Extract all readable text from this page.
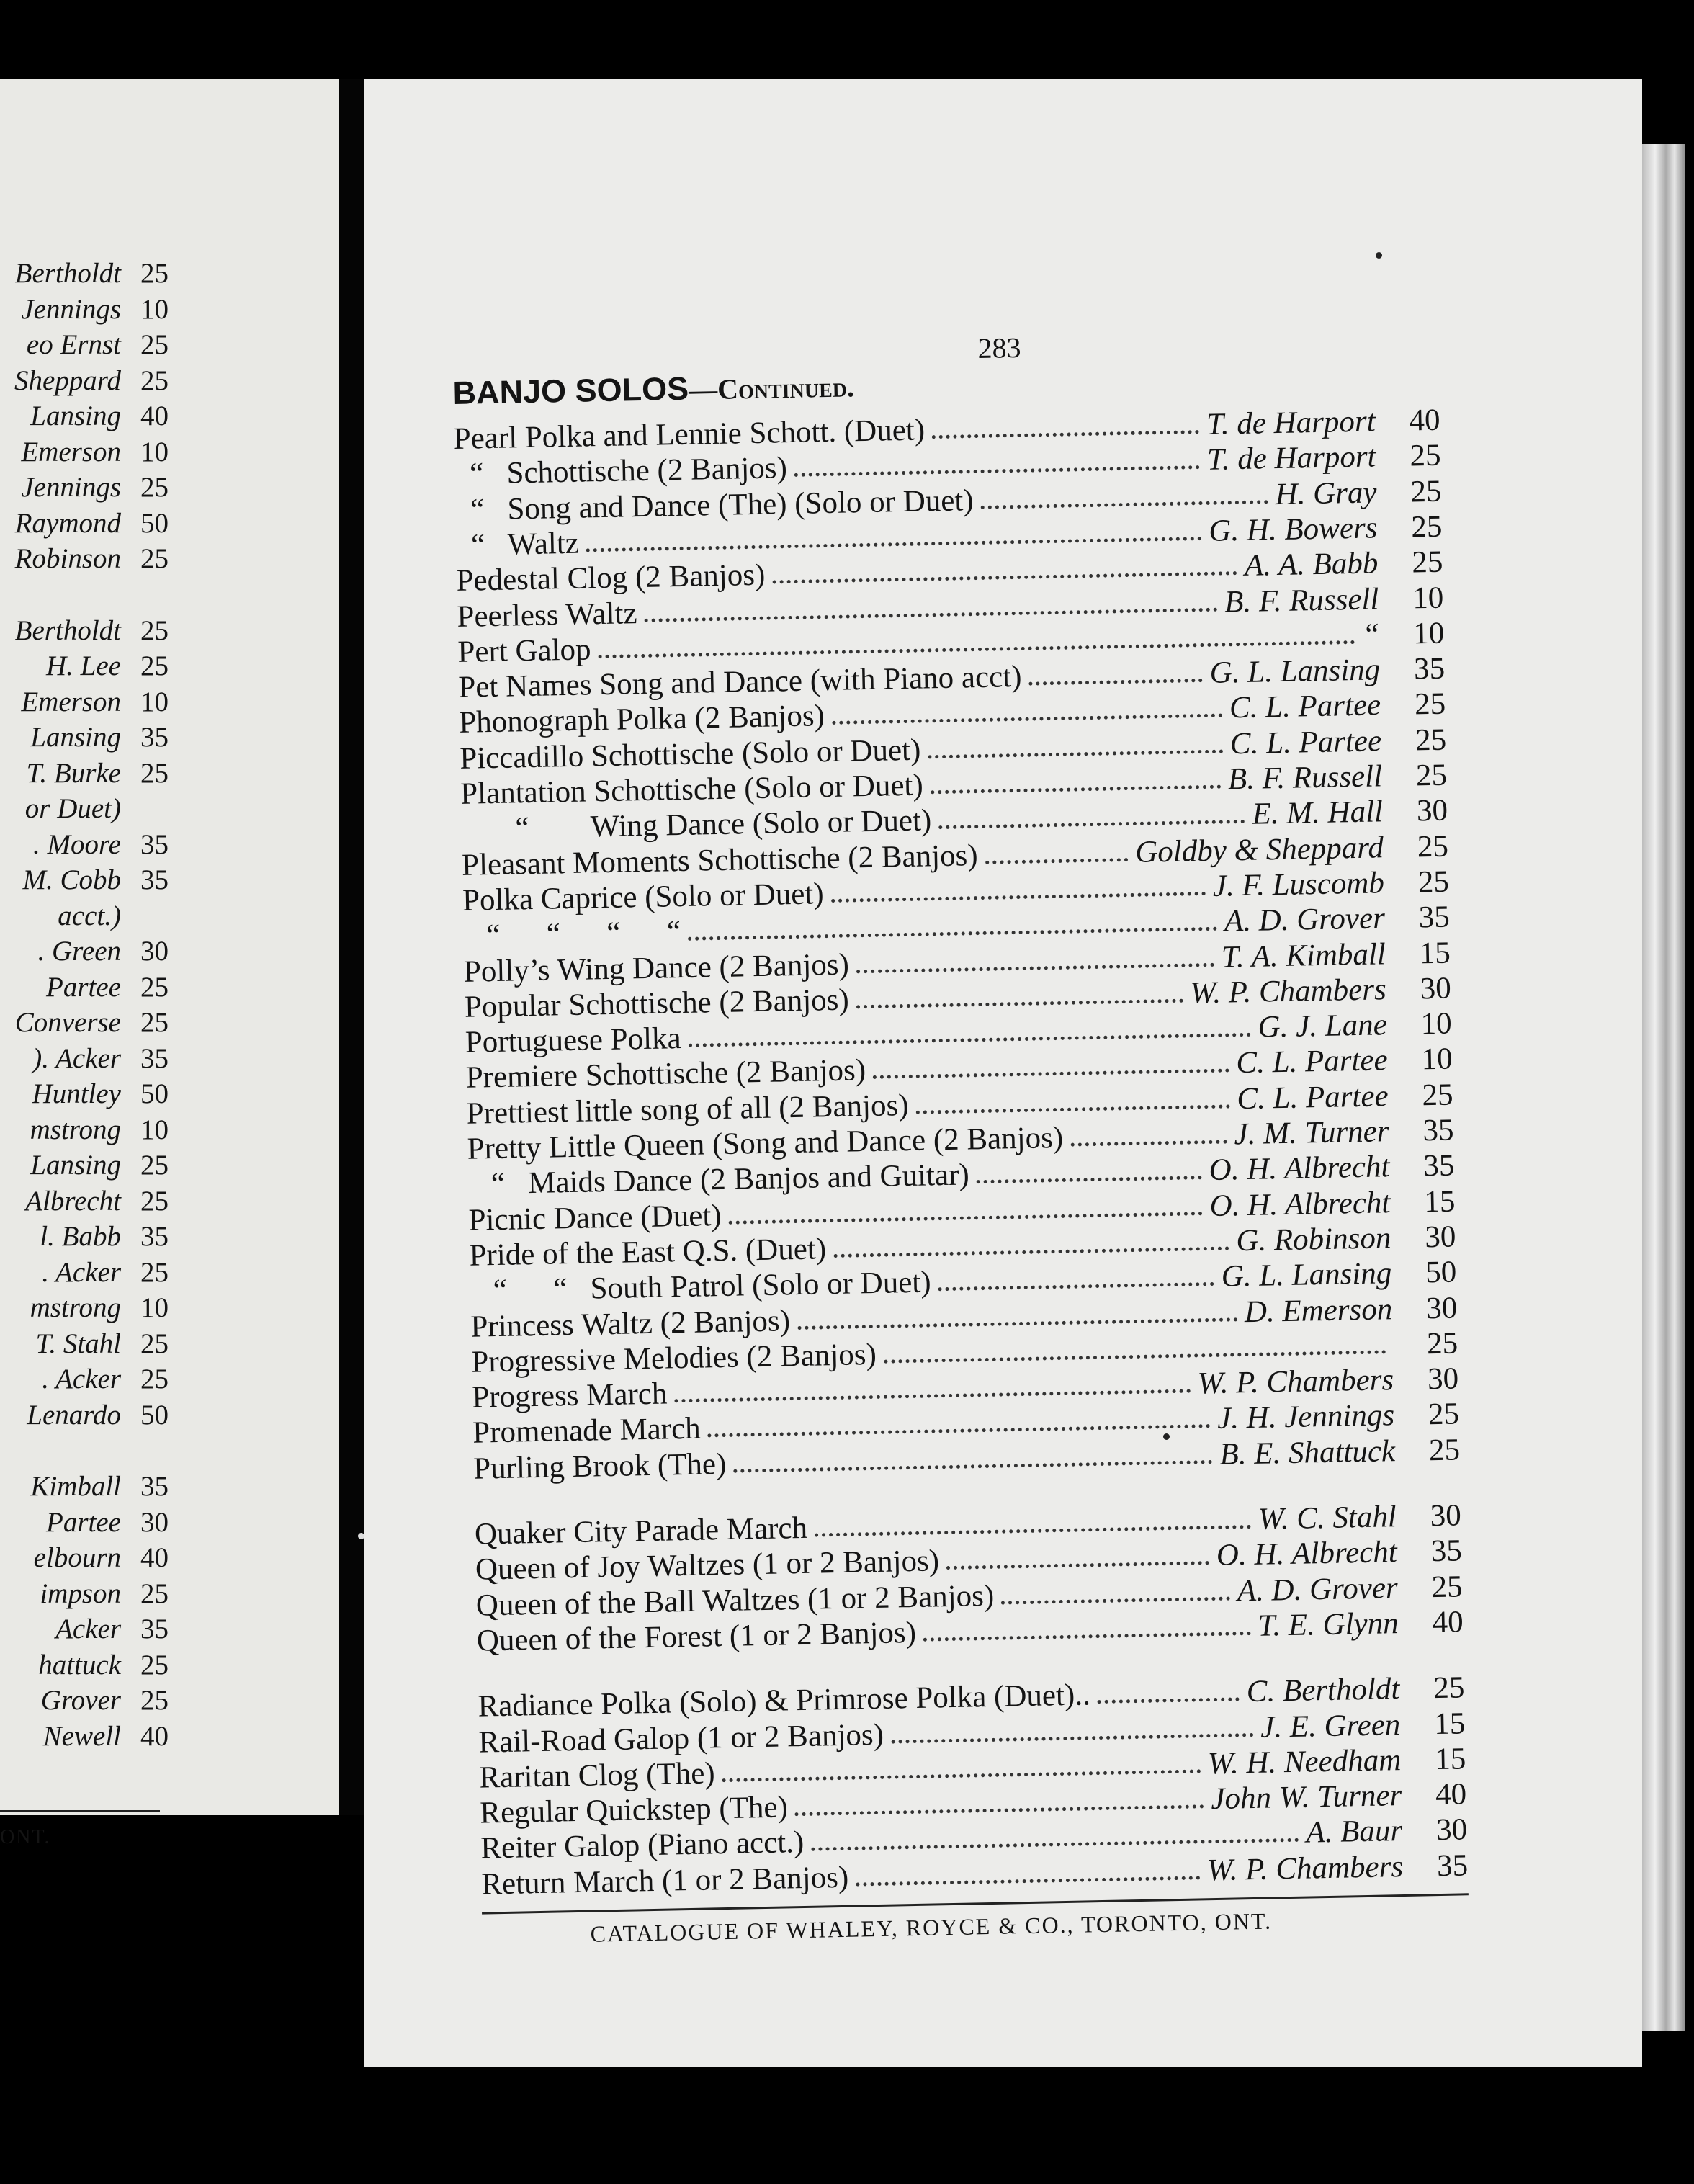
Bertholdt 25
Jennings 10
eo Ernst 25
Sheppard 25
Lansing 40
Emerson 10
Jennings 25
Raymond 50
Robinson 25
Bertholdt 25
H. Lee 25
Emerson 10
Lansing 35
T. Burke 25
or Duet)
. Moore 35
M. Cobb 35
acct.)
. Green 30
Partee 25
Converse 25
). Acker 35
Huntley 50
mstrong 10
Lansing 25
Albrecht 25
l. Babb 35
. Acker 25
mstrong 10
T. Stahl 25
. Acker 25
Lenardo 50
Kimball 35
Partee 30
elbourn 40
impson 25
Acker 35
hattuck 25
Grover 25
Newell 40
ONT.
283
BANJO SOLOS—Continued.
Pearl Polka and Lennie Schott. (Duet)	T. de Harport 40
“   Schottische (2 Banjos)	T. de Harport 25
“   Song and Dance (The) (Solo or Duet)	H. Gray 25
“   Waltz	G. H. Bowers 25
Pedestal Clog (2 Banjos)	A. A. Babb 25
Peerless Waltz	B. F. Russell 10
Pert Galop	“ 10
Pet Names Song and Dance (with Piano acct)	G. L. Lansing 35
Phonograph Polka (2 Banjos)	C. L. Partee 25
Piccadillo Schottische (Solo or Duet)	C. L. Partee 25
Plantation Schottische (Solo or Duet)	B. F. Russell 25
“        Wing Dance (Solo or Duet)	E. M. Hall 30
Pleasant Moments Schottische (2 Banjos)	Goldby & Sheppard 25
Polka Caprice (Solo or Duet)	J. F. Luscomb 25
“      “      “      “	A. D. Grover 35
Polly’s Wing Dance (2 Banjos)	T. A. Kimball 15
Popular Schottische (2 Banjos)	W. P. Chambers 30
Portuguese Polka	G. J. Lane 10
Premiere Schottische (2 Banjos)	C. L. Partee 10
Prettiest little song of all (2 Banjos)	C. L. Partee 25
Pretty Little Queen (Song and Dance (2 Banjos)	J. M. Turner 35
“   Maids Dance (2 Banjos and Guitar)	O. H. Albrecht 35
Picnic Dance (Duet)	O. H. Albrecht 15
Pride of the East Q.S. (Duet)	G. Robinson 30
“      “   South Patrol (Solo or Duet)	G. L. Lansing 50
Princess Waltz (2 Banjos)	D. Emerson 30
Progressive Melodies (2 Banjos)	25
Progress March	W. P. Chambers 30
Promenade March	J. H. Jennings 25
Purling Brook (The)	B. E. Shattuck 25
Quaker City Parade March	W. C. Stahl 30
Queen of Joy Waltzes (1 or 2 Banjos)	O. H. Albrecht 35
Queen of the Ball Waltzes (1 or 2 Banjos)	A. D. Grover 25
Queen of the Forest (1 or 2 Banjos)	T. E. Glynn 40
Radiance Polka (Solo) & Primrose Polka (Duet)..	C. Bertholdt 25
Rail-Road Galop (1 or 2 Banjos)	J. E. Green 15
Raritan Clog (The)	W. H. Needham 15
Regular Quickstep (The)	John W. Turner 40
Reiter Galop (Piano acct.)	A. Baur 30
Return March (1 or 2 Banjos)	W. P. Chambers 35
CATALOGUE OF WHALEY, ROYCE & CO., TORONTO, ONT.
